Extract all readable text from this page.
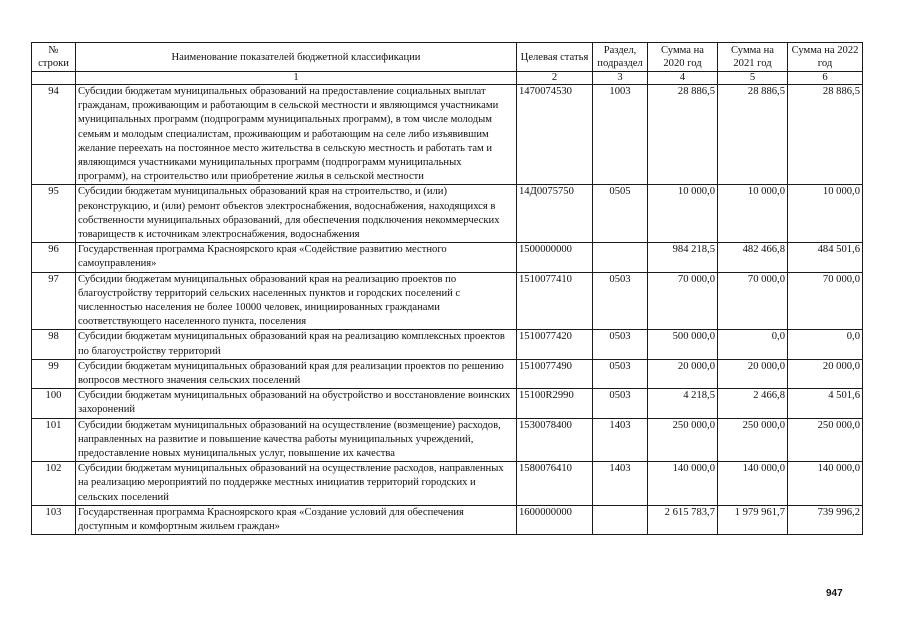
№ строки	Наименование показателей бюджетной классификации	Целевая статья	Раздел, подраздел	Сумма на 2020 год	Сумма на 2021 год	Сумма на 2022 год
	1	2	3	4	5	6
94	Субсидии бюджетам муниципальных образований на предоставление социальных выплат гражданам, проживающим и работающим в сельской местности и являющимся участниками муниципальных программ (подпрограмм муниципальных программ), в том числе молодым семьям и молодым специалистам, проживающим и работающим на селе либо изъявившим желание переехать на постоянное место жительства в сельскую местность и работать там и являющимся участниками муниципальных программ (подпрограмм муниципальных программ), на строительство или приобретение жилья в сельской местности	1470074530	1003	28 886,5	28 886,5	28 886,5
95	Субсидии бюджетам муниципальных образований края на строительство, и (или) реконструкцию, и (или) ремонт объектов электроснабжения, водоснабжения, находящихся в собственности муниципальных образований, для обеспечения подключения некоммерческих товариществ к источникам электроснабжения, водоснабжения	14Д0075750	0505	10 000,0	10 000,0	10 000,0
96	Государственная программа Красноярского края «Содействие развитию местного самоуправления»	1500000000		984 218,5	482 466,8	484 501,6
97	Субсидии бюджетам муниципальных образований края на реализацию проектов по благоустройству территорий сельских населенных пунктов и городских поселений с численностью населения не более 10000 человек, инициированных гражданами соответствующего населенного пункта, поселения	1510077410	0503	70 000,0	70 000,0	70 000,0
98	Субсидии бюджетам муниципальных образований края на реализацию комплексных проектов по благоустройству территорий	1510077420	0503	500 000,0	0,0	0,0
99	Субсидии бюджетам муниципальных образований края для реализации проектов по решению вопросов местного значения сельских поселений	1510077490	0503	20 000,0	20 000,0	20 000,0
100	Субсидии бюджетам муниципальных образований на обустройство и восстановление воинских захоронений	15100R2990	0503	4 218,5	2 466,8	4 501,6
101	Субсидии бюджетам муниципальных образований на осуществление (возмещение) расходов, направленных на развитие и повышение качества работы муниципальных учреждений, предоставление новых муниципальных услуг, повышение их качества	1530078400	1403	250 000,0	250 000,0	250 000,0
102	Субсидии бюджетам муниципальных образований на осуществление расходов, направленных на реализацию мероприятий по поддержке местных инициатив территорий городских и сельских поселений	1580076410	1403	140 000,0	140 000,0	140 000,0
103	Государственная программа Красноярского края «Создание условий для обеспечения доступным и комфортным жильем граждан»	1600000000		2 615 783,7	1 979 961,7	739 996,2
947
